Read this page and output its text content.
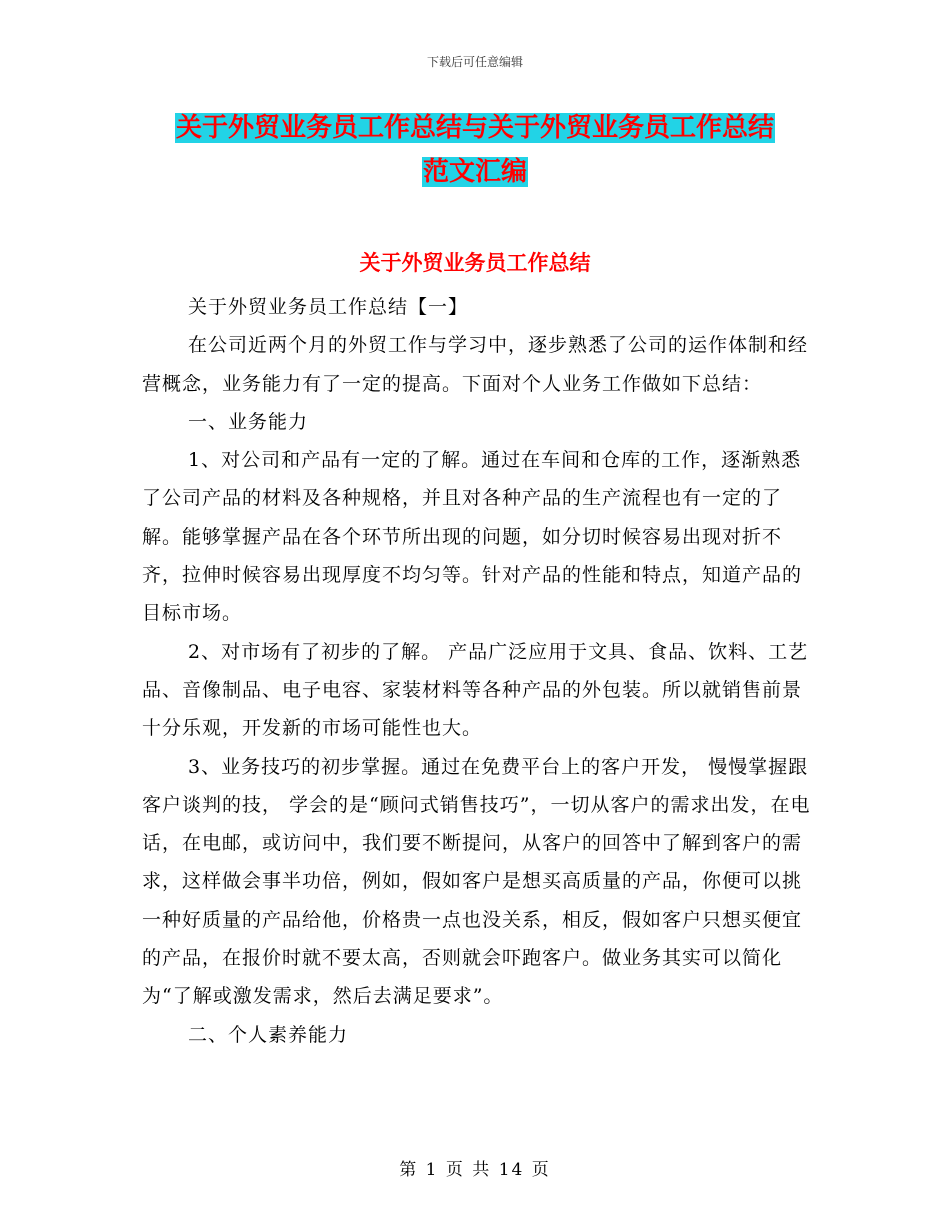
下载后可任意编辑
关于外贸业务员工作总结与关于外贸业务员工作总结
范文汇编
关于外贸业务员工作总结

关于外贸业务员工作总结【一】

在公司近两个月的外贸工作与学习中，逐步熟悉了公司的运作体制和经营概念，业务能力有了一定的提高。下面对个人业务工作做如下总结：

一、业务能力

1、对公司和产品有一定的了解。通过在车间和仓库的工作，逐渐熟悉了公司产品的材料及各种规格，并且对各种产品的生产流程也有一定的了解。能够掌握产品在各个环节所出现的问题，如分切时候容易出现对折不齐，拉伸时候容易出现厚度不均匀等。针对产品的性能和特点，知道产品的目标市场。

2、对市场有了初步的了解。 产品广泛应用于文具、食品、饮料、工艺品、音像制品、电子电容、家装材料等各种产品的外包装。所以就销售前景十分乐观，开发新的市场可能性也大。

3、业务技巧的初步掌握。通过在免费平台上的客户开发， 慢慢掌握跟客户谈判的技， 学会的是“顾问式销售技巧”，一切从客户的需求出发，在电话，在电邮，或访问中，我们要不断提问，从客户的回答中了解到客户的需求，这样做会事半功倍，例如，假如客户是想买高质量的产品，你便可以挑一种好质量的产品给他，价格贵一点也没关系，相反，假如客户只想买便宜的产品，在报价时就不要太高，否则就会吓跑客户。做业务其实可以简化为“了解或激发需求，然后去满足要求”。

二、个人素养能力

第 1 页 共 14 页
